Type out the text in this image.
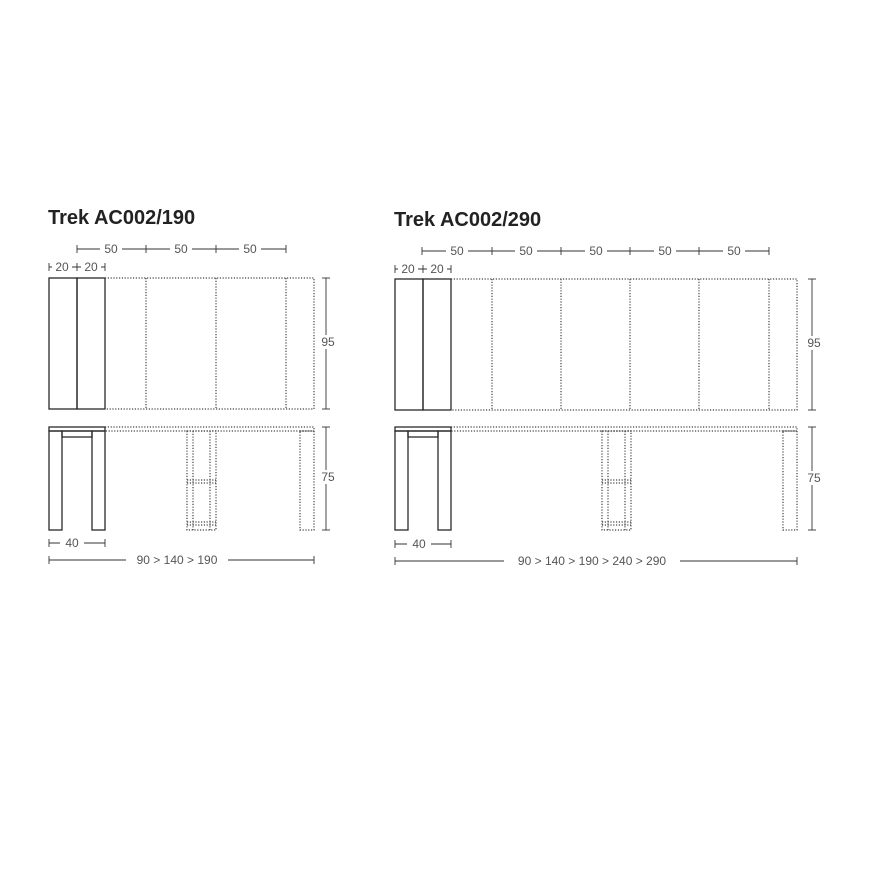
Trek AC002/190
50	50	50
20 20
95
75
40
90 > 140 > 190
Trek AC002/290
50	50	50	50	50
20 20
95
75
40
90 > 140 > 190 > 240 > 290
